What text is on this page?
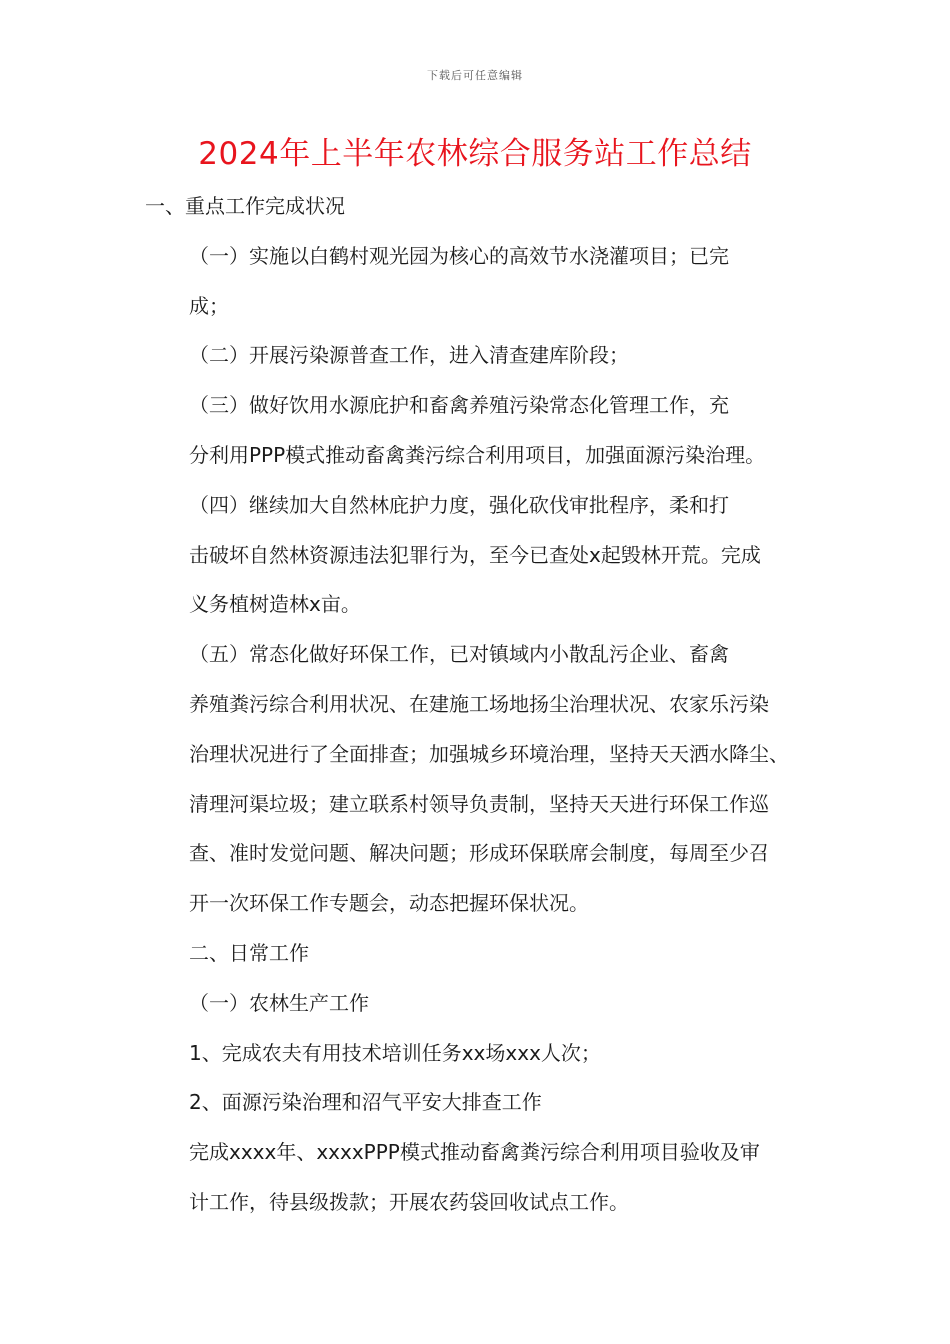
下载后可任意编辑
2024年上半年农林综合服务站工作总结

一、重点工作完成状况

（一）实施以白鹤村观光园为核心的高效节水浇灌项目；已完
成；

（二）开展污染源普查工作，进入清查建库阶段；

（三）做好饮用水源庇护和畜禽养殖污染常态化管理工作，充
分利用PPP模式推动畜禽粪污综合利用项目，加强面源污染治理。

（四）继续加大自然林庇护力度，强化砍伐审批程序，柔和打
击破坏自然林资源违法犯罪行为，至今已查处x起毁林开荒。完成
义务植树造林x亩。

（五）常态化做好环保工作，已对镇域内小散乱污企业、畜禽
养殖粪污综合利用状况、在建施工场地扬尘治理状况、农家乐污染
治理状况进行了全面排查；加强城乡环境治理，坚持天天洒水降尘、
清理河渠垃圾；建立联系村领导负责制，坚持天天进行环保工作巡
查、准时发觉问题、解决问题；形成环保联席会制度，每周至少召
开一次环保工作专题会，动态把握环保状况。

二、日常工作

（一）农林生产工作

1、完成农夫有用技术培训任务xx场xxx人次；

2、面源污染治理和沼气平安大排查工作

完成xxxx年、xxxxPPP模式推动畜禽粪污综合利用项目验收及审
计工作，待县级拨款；开展农药袋回收试点工作。
